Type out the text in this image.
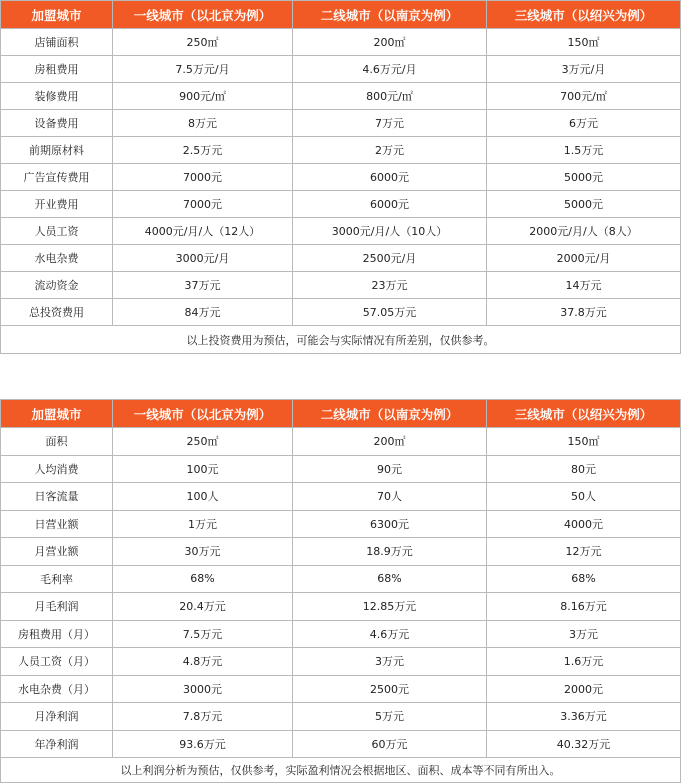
加盟城市	一线城市（以北京为例）	二线城市（以南京为例）	三线城市（以绍兴为例）
店铺面积	250㎡	200㎡	150㎡
房租费用	7.5万元/月	4.6万元/月	3万元/月
装修费用	900元/㎡	800元/㎡	700元/㎡
设备费用	8万元	7万元	6万元
前期原材料	2.5万元	2万元	1.5万元
广告宣传费用	7000元	6000元	5000元
开业费用	7000元	6000元	5000元
人员工资	4000元/月/人（12人）	3000元/月/人（10人）	2000元/月/人（8人）
水电杂费	3000元/月	2500元/月	2000元/月
流动资金	37万元	23万元	14万元
总投资费用	84万元	57.05万元	37.8万元
以上投资费用为预估，可能会与实际情况有所差别，仅供参考。			
加盟城市	一线城市（以北京为例）	二线城市（以南京为例）	三线城市（以绍兴为例）
面积	250㎡	200㎡	150㎡
人均消费	100元	90元	80元
日客流量	100人	70人	50人
日营业额	1万元	6300元	4000元
月营业额	30万元	18.9万元	12万元
毛利率	68%	68%	68%
月毛利润	20.4万元	12.85万元	8.16万元
房租费用（月）	7.5万元	4.6万元	3万元
人员工资（月）	4.8万元	3万元	1.6万元
水电杂费（月）	3000元	2500元	2000元
月净利润	7.8万元	5万元	3.36万元
年净利润	93.6万元	60万元	40.32万元
以上利润分析为预估，仅供参考，实际盈利情况会根据地区、面积、成本等不同有所出入。			
